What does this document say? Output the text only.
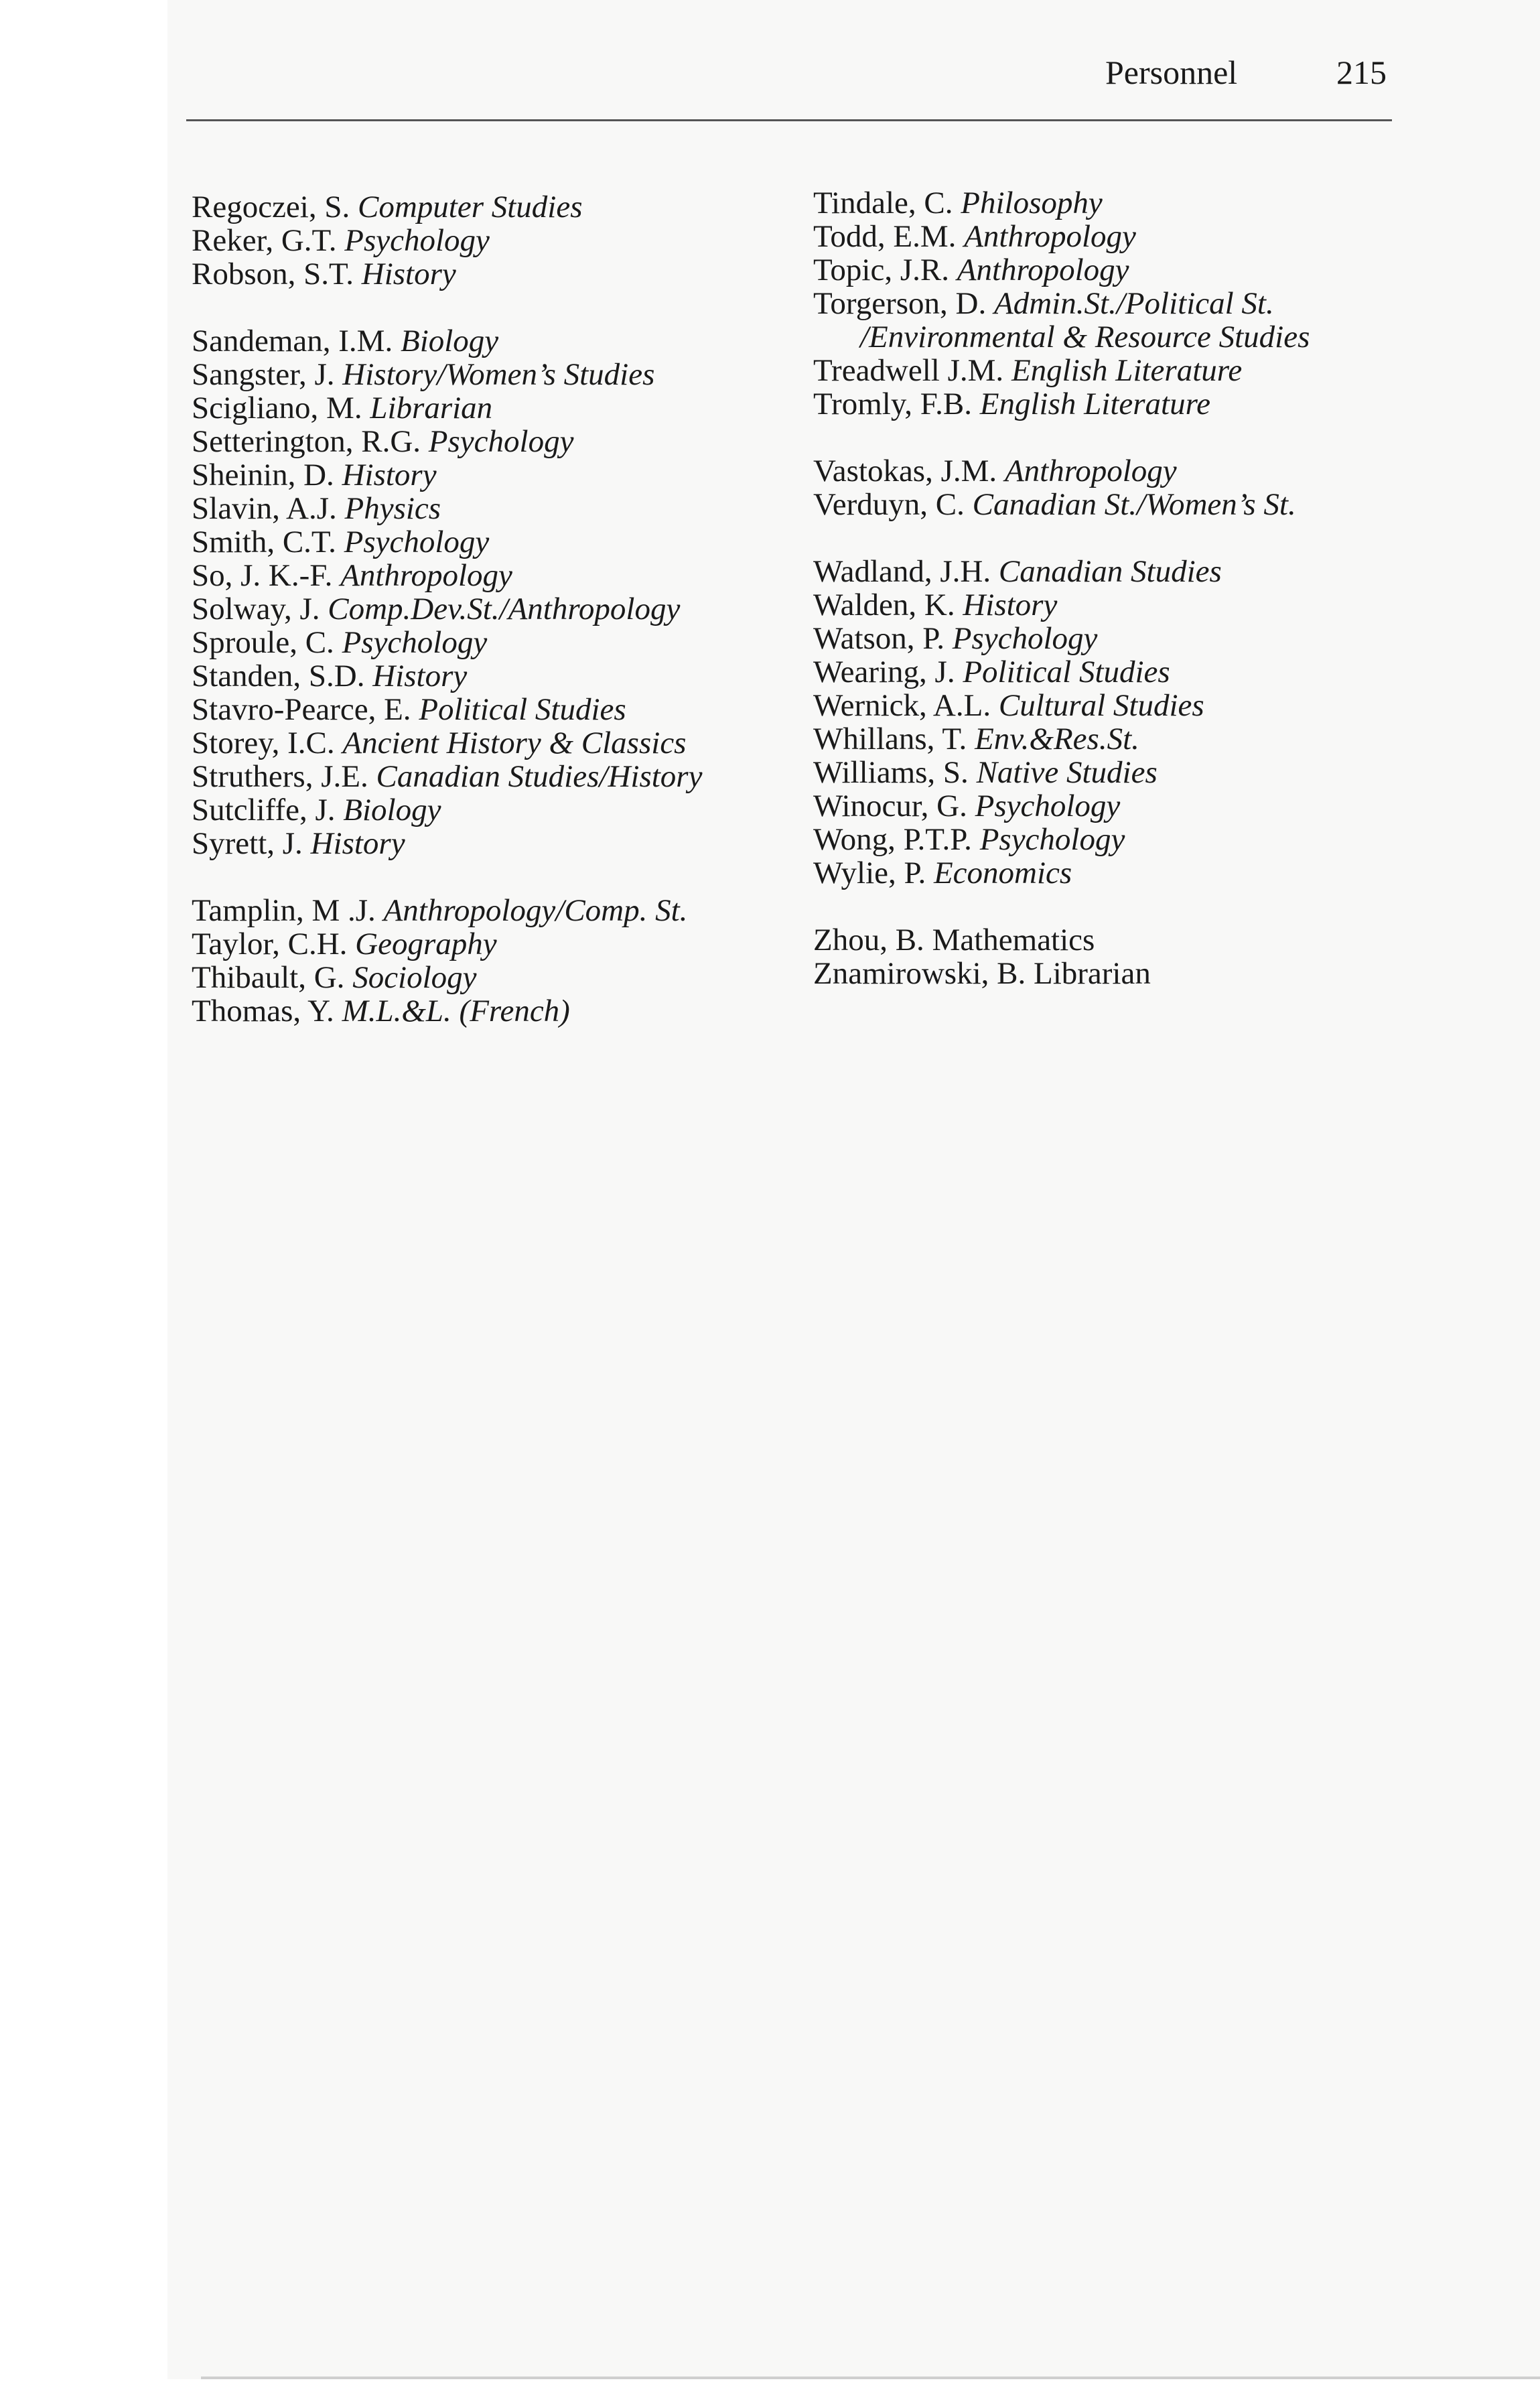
Personnel	215
Regoczei, S. Computer Studies
Reker, G.T. Psychology
Robson, S.T. History
Sandeman, I.M. Biology
Sangster, J. History/Women’s Studies
Scigliano, M. Librarian
Setterington, R.G. Psychology
Sheinin, D. History
Slavin, A.J. Physics
Smith, C.T. Psychology
So, J. K.-F. Anthropology
Solway, J. Comp.Dev.St./Anthropology
Sproule, C. Psychology
Standen, S.D. History
Stavro-Pearce, E. Political Studies
Storey, I.C. Ancient History & Classics
Struthers, J.E. Canadian Studies/History
Sutcliffe, J. Biology
Syrett, J. History
Tamplin, M .J. Anthropology/Comp. St.
Taylor, C.H. Geography
Thibault, G. Sociology
Thomas, Y. M.L.&L. (French)
Tindale, C. Philosophy
Todd, E.M. Anthropology
Topic, J.R. Anthropology
Torgerson, D. Admin.St./Political St.
/Environmental & Resource Studies
Treadwell J.M. English Literature
Tromly, F.B. English Literature
Vastokas, J.M. Anthropology
Verduyn, C. Canadian St./Women’s St.
Wadland, J.H. Canadian Studies
Walden, K. History
Watson, P. Psychology
Wearing, J. Political Studies
Wernick, A.L. Cultural Studies
Whillans, T. Env.&Res.St.
Williams, S. Native Studies
Winocur, G. Psychology
Wong, P.T.P. Psychology
Wylie, P. Economics
Zhou, B. Mathematics
Znamirowski, B. Librarian
